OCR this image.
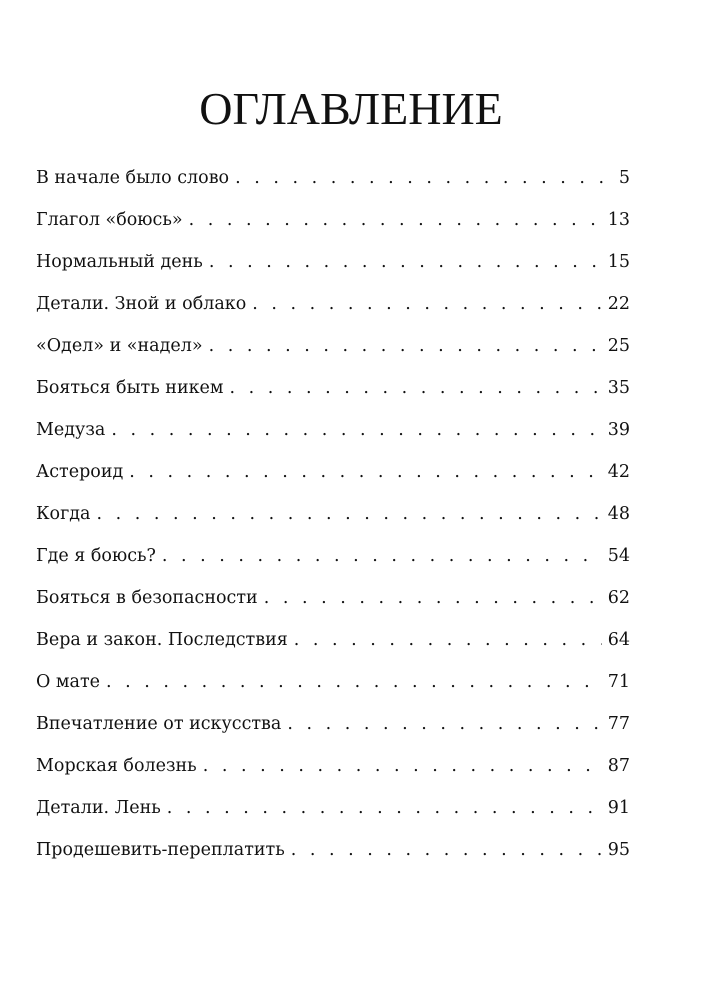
ОГЛАВЛЕНИЕ
В начале было слово . . .	5
Глагол «боюсь» . . .	13
Нормальный день . . .	15
Детали. Зной и облако . . .	22
«Одел» и «надел» . . .	25
Бояться быть никем . . .	35
Медуза . . .	39
Астероид . . .	42
Когда . . .	48
Где я боюсь? . . .	54
Бояться в безопасности . . .	62
Вера и закон. Последствия . . .	64
О мате . . .	71
Впечатление от искусства . . .	77
Морская болезнь . . .	87
Детали. Лень . . .	91
Продешевить-переплатить . . .	95
